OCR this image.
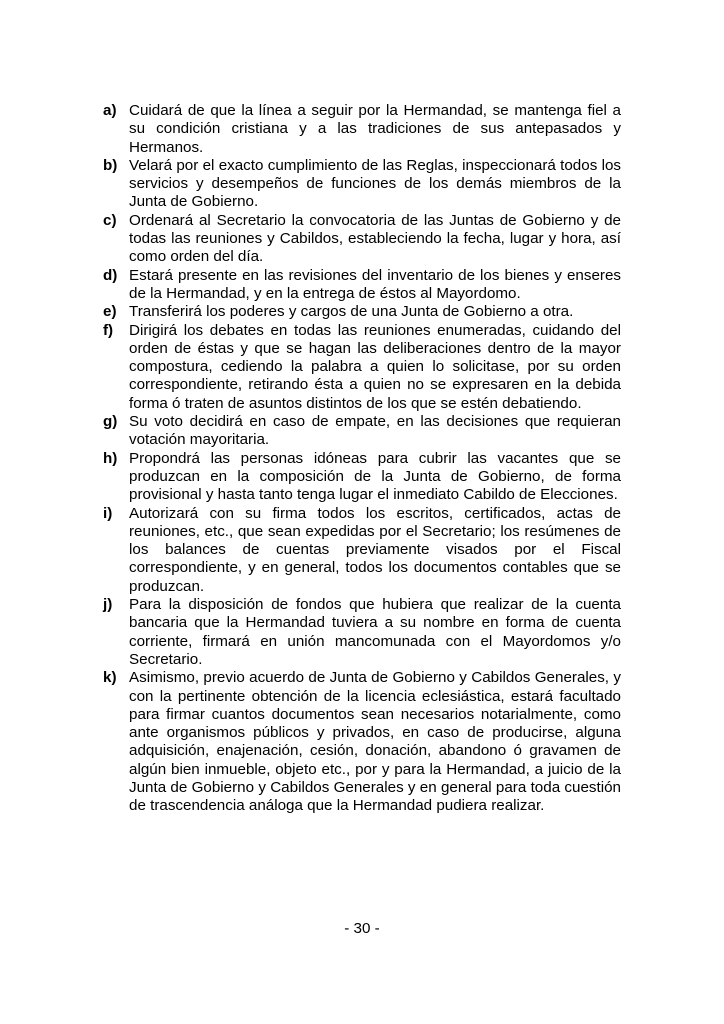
a) Cuidará de que la línea a seguir por la Hermandad, se mantenga fiel a su condición cristiana y a las tradiciones de sus antepasados y Hermanos.
b) Velará por el exacto cumplimiento de las Reglas, inspeccionará todos los servicios y desempeños de funciones de los demás miembros de la Junta de Gobierno.
c) Ordenará al Secretario la convocatoria de las Juntas de Gobierno y de todas las reuniones y Cabildos, estableciendo la fecha, lugar y hora, así como orden del día.
d) Estará presente en las revisiones del inventario de los bienes y enseres de la Hermandad, y en la entrega de éstos al Mayordomo.
e) Transferirá los poderes y cargos de una Junta de Gobierno a otra.
f)	Dirigirá los debates en todas las reuniones enumeradas, cuidando del orden de éstas y que se hagan las deliberaciones dentro de la mayor compostura, cediendo la palabra a quien lo solicitase, por su orden correspondiente, retirando ésta a quien no se expresaren en la debida forma ó traten de asuntos distintos de los que se estén debatiendo.
g) Su voto decidirá en caso de empate, en las decisiones que requieran votación mayoritaria.
h) Propondrá las personas idóneas para cubrir las vacantes que se produzcan en la composición de la Junta de Gobierno, de forma provisional y hasta tanto tenga lugar el inmediato Cabildo de Elecciones.
i)	Autorizará con su firma todos los escritos, certificados, actas de reuniones, etc., que sean expedidas por el Secretario; los resúmenes de los balances de cuentas previamente visados por el Fiscal correspondiente, y en general, todos los documentos contables que se produzcan.
j)	Para la disposición de fondos que hubiera que realizar de la cuenta bancaria que la Hermandad tuviera a su nombre en forma de cuenta corriente, firmará en unión mancomunada con el Mayordomos y/o Secretario.
k) Asimismo, previo acuerdo de Junta de Gobierno y Cabildos Generales, y con la pertinente obtención de la licencia eclesiástica, estará facultado para firmar cuantos documentos sean necesarios notarialmente, como ante organismos públicos y privados, en caso de producirse, alguna adquisición, enajenación, cesión, donación, abandono ó gravamen de algún bien inmueble, objeto etc., por y para la Hermandad, a juicio de la Junta de Gobierno y Cabildos Generales y en general para toda cuestión de trascendencia análoga que la Hermandad pudiera realizar.
- 30 -
